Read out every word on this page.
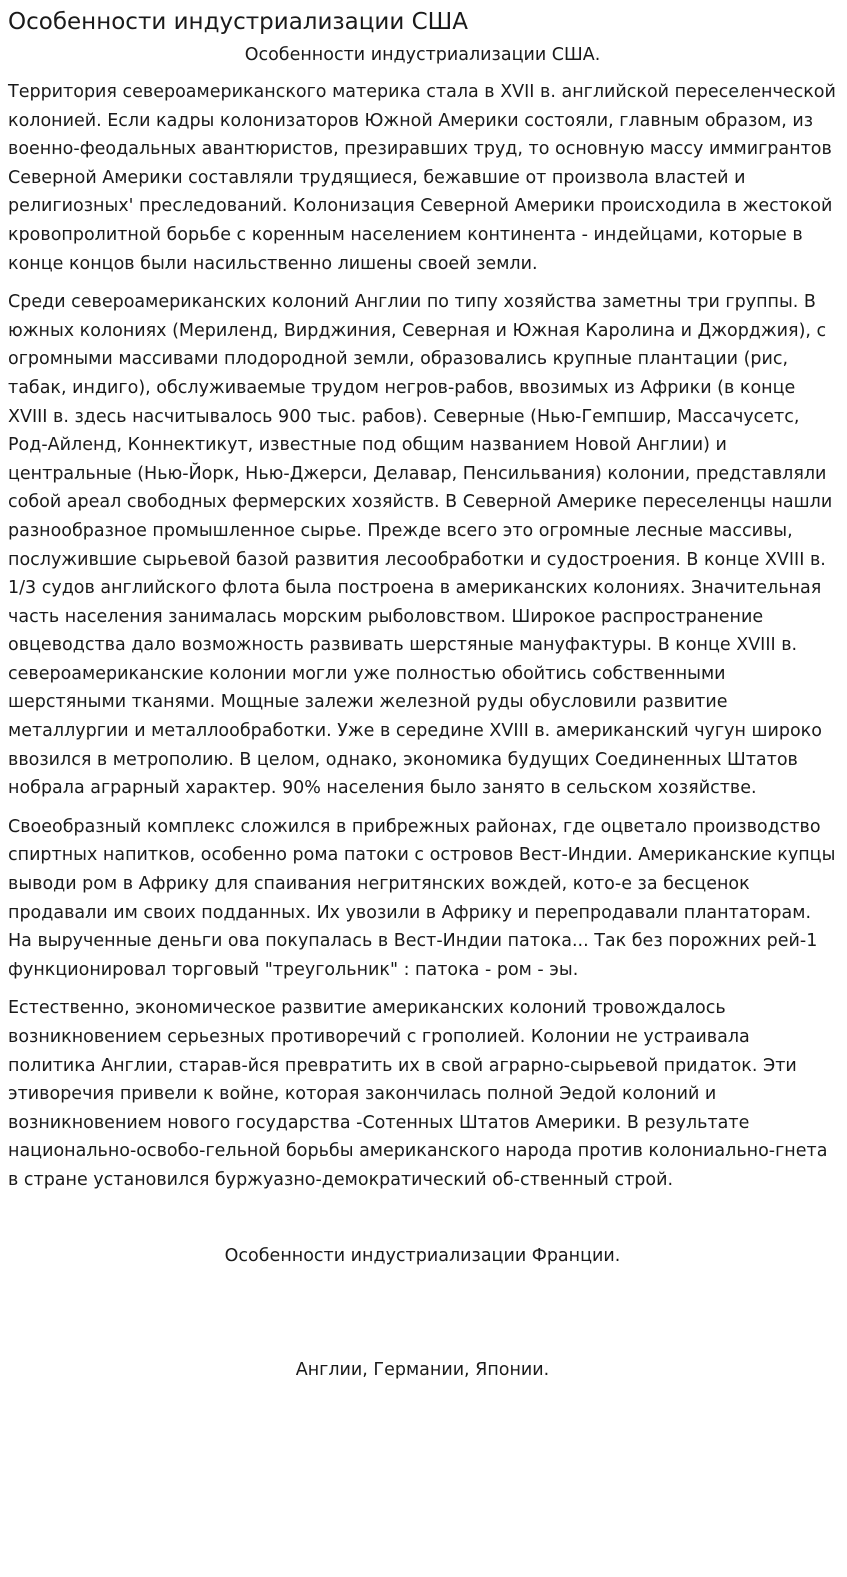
Особенности индустриализации США
Особенности индустриализации США.

Территория североамериканского материка стала в XVII в. английской переселенческой колонией. Если кадры колонизаторов Южной Америки состояли, главным образом, из военно-феодальных авантюристов, презиравших труд, то основную массу иммигрантов Северной Америки составляли трудящиеся, бежавшие от произвола властей и религиозных' преследований. Колонизация Северной Америки происходила в жестокой кровопролитной борьбе с коренным населением континента - индейцами, которые в конце концов были насильственно лишены своей земли.

Среди североамериканских колоний Англии по типу хозяйства заметны три группы. В южных колониях (Мериленд, Вирджиния, Северная и Южная Каролина и Джорджия), с огромными массивами плодородной земли, образовались крупные плантации (рис, табак, индиго), обслуживаемые трудом негров-рабов, ввозимых из Африки (в конце XVIII в. здесь насчитывалось 900 тыс. рабов). Северные (Нью-Гемпшир, Массачусетс, Род-Айленд, Коннектикут, известные под общим названием Новой Англии) и центральные (Нью-Йорк, Нью-Джерси, Делавар, Пенсильвания) колонии, представляли собой ареал свободных фермерских хозяйств. В Северной Америке переселенцы нашли разнообразное промышленное сырье. Прежде всего это огромные лесные массивы, послужившие сырьевой базой развития лесообработки и судостроения. В конце XVIII в. 1/3 судов английского флота была построена в американских колониях. Значительная часть населения занималась морским рыболовством. Широкое распространение овцеводства дало возможность развивать шерстяные мануфактуры. В конце XVIII в. североамериканские колонии могли уже полностью обойтись собственными шерстяными тканями. Мощные залежи железной руды обусловили развитие металлургии и металлообработки. Уже в середине XVIII в. американский чугун широко ввозился в метрополию. В целом, однако, экономика будущих Соединенных Штатов нобрала аграрный характер. 90% населения было занято в сельском хозяйстве.

Своеобразный комплекс сложился в прибрежных районах, где оцветало производство спиртных напитков, особенно рома патоки с островов Вест-Индии. Американские купцы выводи ром в Африку для спаивания негритянских вождей, кото-е за бесценок продавали им своих подданных. Их увозили в Африку и перепродавали плантаторам. На вырученные деньги ова покупалась в Вест-Индии патока... Так без порожних рей-1 функционировал торговый "треугольник" : патока - ром - эы.

Естественно, экономическое развитие американских колоний тровождалось возникновением серьезных противоречий с грополией. Колонии не устраивала политика Англии, старав-йся превратить их в свой аграрно-сырьевой придаток. Эти этиворечия привели к войне, которая закончилась полной Эедой колоний и возникновением нового государства -Сотенных Штатов Америки. В результате национально-освобо-гельной борьбы американского народа против колониально-гнета в стране установился буржуазно-демократический об-ственный строй.

Особенности индустриализации Франции.
Англии, Германии, Японии.
